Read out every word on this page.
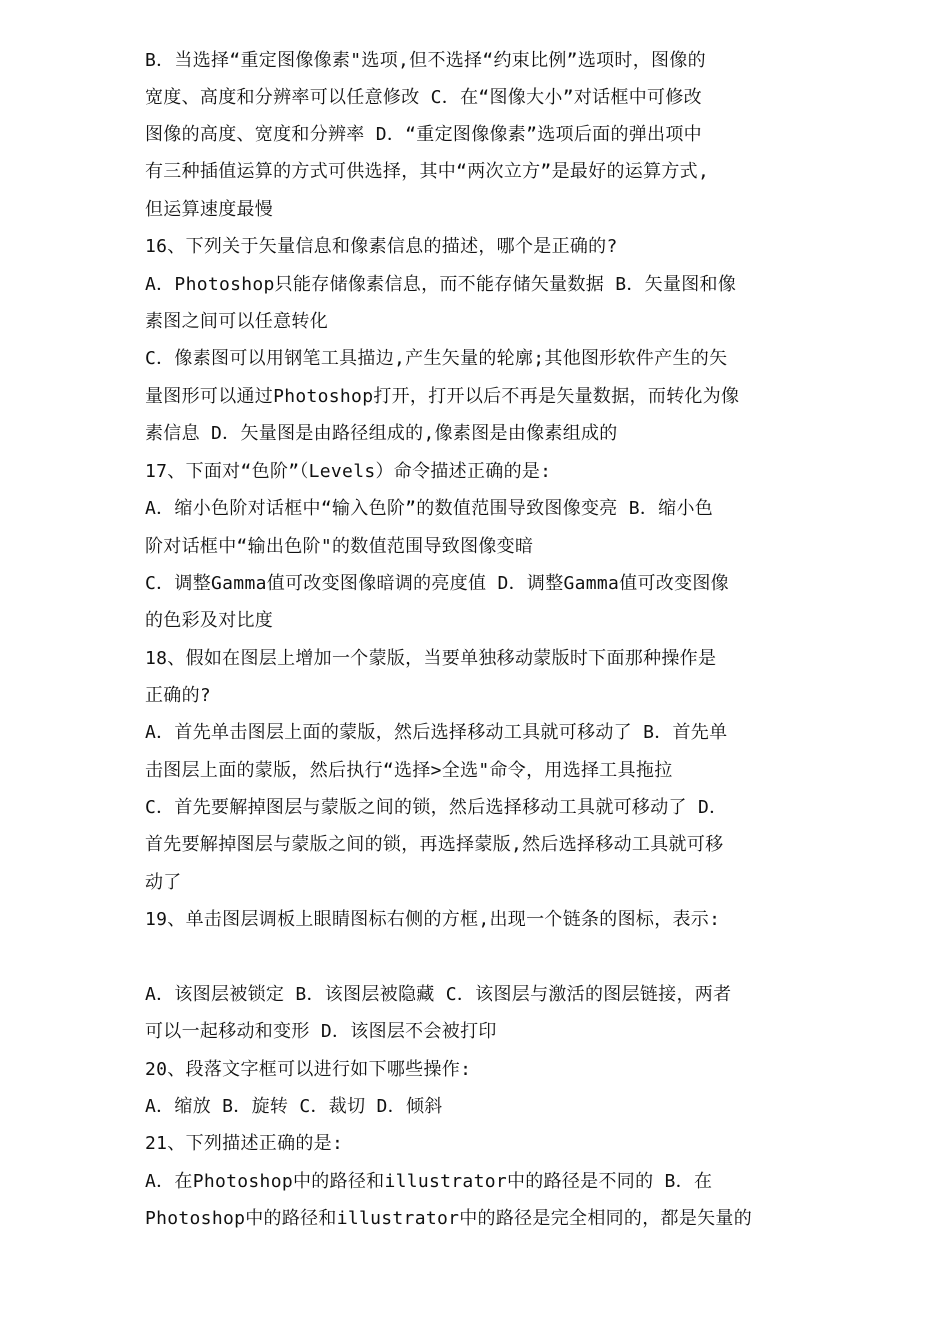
B．当选择“重定图像像素"选项,但不选择“约束比例”选项时，图像的
宽度、高度和分辨率可以任意修改 C．在“图像大小”对话框中可修改
图像的高度、宽度和分辨率 D．“重定图像像素”选项后面的弹出项中
有三种插值运算的方式可供选择，其中“两次立方”是最好的运算方式,
但运算速度最慢
16、下列关于矢量信息和像素信息的描述，哪个是正确的?
A．Photoshop只能存储像素信息，而不能存储矢量数据 B．矢量图和像
素图之间可以任意转化
C．像素图可以用钢笔工具描边,产生矢量的轮廓;其他图形软件产生的矢
量图形可以通过Photoshop打开，打开以后不再是矢量数据，而转化为像
素信息 D．矢量图是由路径组成的,像素图是由像素组成的
17、下面对“色阶”（Levels）命令描述正确的是:
A．缩小色阶对话框中“输入色阶”的数值范围导致图像变亮 B．缩小色
阶对话框中“输出色阶"的数值范围导致图像变暗
C．调整Gamma值可改变图像暗调的亮度值 D．调整Gamma值可改变图像
的色彩及对比度
18、假如在图层上增加一个蒙版，当要单独移动蒙版时下面那种操作是
正确的?
A．首先单击图层上面的蒙版，然后选择移动工具就可移动了 B．首先单
击图层上面的蒙版，然后执行“选择>全选"命令，用选择工具拖拉
C．首先要解掉图层与蒙版之间的锁，然后选择移动工具就可移动了 D．
首先要解掉图层与蒙版之间的锁，再选择蒙版,然后选择移动工具就可移
动了
19、单击图层调板上眼睛图标右侧的方框,出现一个链条的图标，表示:
A．该图层被锁定 B．该图层被隐藏 C．该图层与激活的图层链接，两者
可以一起移动和变形 D．该图层不会被打印
20、段落文字框可以进行如下哪些操作:
A．缩放 B．旋转 C．裁切 D．倾斜
21、下列描述正确的是:
A．在Photoshop中的路径和illustrator中的路径是不同的 B．在
Photoshop中的路径和illustrator中的路径是完全相同的，都是矢量的
